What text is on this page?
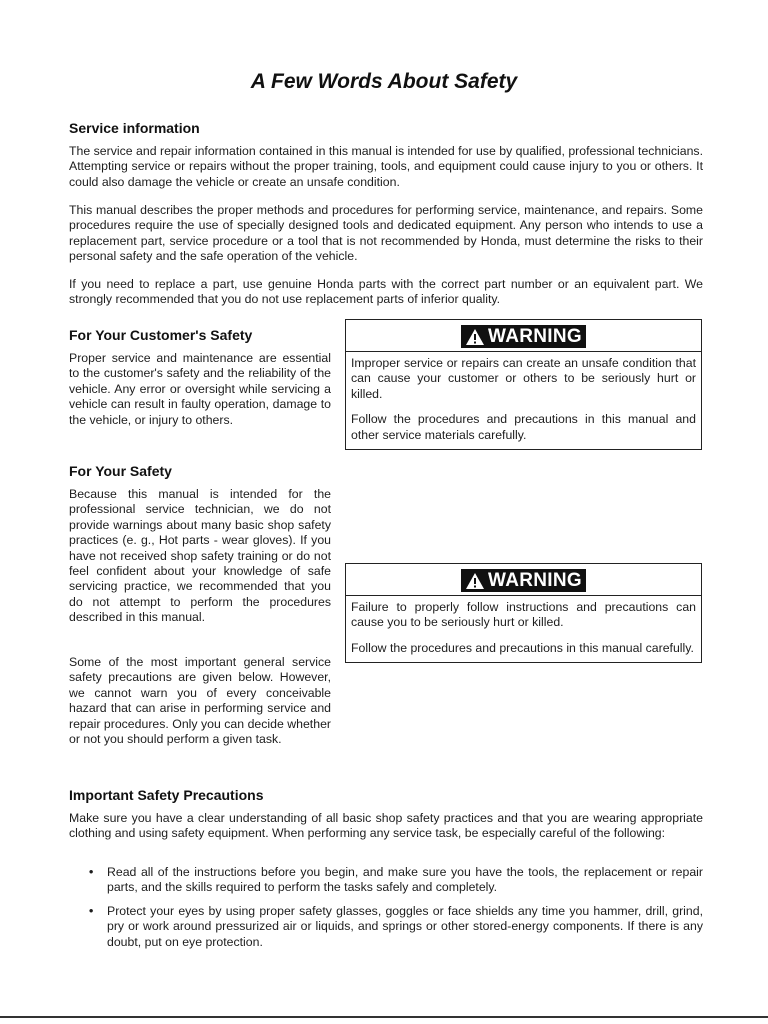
A Few Words About Safety
Service information
The service and repair information contained in this manual is intended for use by qualified, professional technicians. Attempting service or repairs without the proper training, tools, and equipment could cause injury to you or others. It could also damage the vehicle or create an unsafe condition.
This manual describes the proper methods and procedures for performing service, maintenance, and repairs. Some procedures require the use of specially designed tools and dedicated equipment. Any person who intends to use a replacement part, service procedure or a tool that is not recommended by Honda, must determine the risks to their personal safety and the safe operation of the vehicle.
If you need to replace a part, use genuine Honda parts with the correct part number or an equivalent part. We strongly recommended that you do not use replacement parts of inferior quality.
For Your Customer's Safety
Proper service and maintenance are essential to the customer's safety and the reliability of the vehicle. Any error or oversight while servicing a vehicle can result in faulty operation, damage to the vehicle, or injury to others.
WARNING

Improper service or repairs can create an unsafe condition that can cause your customer or others to be seriously hurt or killed.

Follow the procedures and precautions in this manual and other service materials carefully.

For Your Safety
Because this manual is intended for the professional service technician, we do not provide warnings about many basic shop safety practices (e. g., Hot parts - wear gloves). If you have not received shop safety training or do not feel confident about your knowledge of safe servicing practice, we recommended that you do not attempt to perform the procedures described in this manual.
Some of the most important general service safety precautions are given below. However, we cannot warn you of every conceivable hazard that can arise in performing service and repair procedures. Only you can decide whether or not you should perform a given task.
WARNING

Failure to properly follow instructions and precautions can cause you to be seriously hurt or killed.

Follow the procedures and precautions in this manual carefully.

Important Safety Precautions
Make sure you have a clear understanding of all basic shop safety practices and that you are wearing appropriate clothing and using safety equipment. When performing any service task, be especially careful of the following:
• Read all of the instructions before you begin, and make sure you have the tools, the replacement or repair parts, and the skills required to perform the tasks safely and completely.
• Protect your eyes by using proper safety glasses, goggles or face shields any time you hammer, drill, grind, pry or work around pressurized air or liquids, and springs or other stored-energy components. If there is any doubt, put on eye protection.
